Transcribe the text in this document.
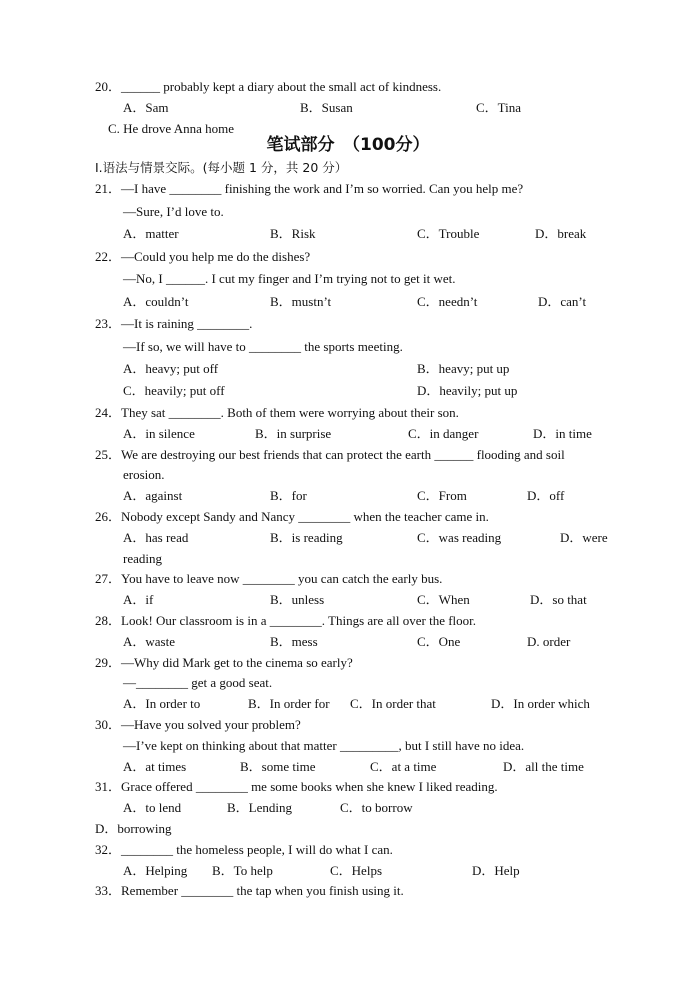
20．______ probably kept a diary about the small act of kindness.
A．Sam	B．Susan	C．Tina
C. He drove Anna home
笔试部分　（100分）
Ⅰ.语法与情景交际。(每小题 1 分，共 20 分）
21．—I have ________ finishing the work and I’m so worried. Can you help me?
—Sure, I’d love to.
A．matter	B．Risk	C．Trouble	D．break
22．—Could you help me do the dishes?
—No, I ______. I cut my finger and I’m trying not to get it wet.
A．couldn’t	B．mustn’t	C．needn’t	D．can’t
23．—It is raining ________.
—If so, we will have to ________ the sports meeting.
A．heavy; put off	B．heavy; put up
C．heavily; put off	D．heavily; put up
24．They sat ________. Both of them were worrying about their son.
A．in silence	B．in surprise	C．in danger	D．in time
25．We are destroying our best friends that can protect the earth ______ flooding and soil
erosion.
A．against	B．for	C．From	D．off
26．Nobody except Sandy and Nancy ________ when the teacher came in.
A．has read	B．is reading	C．was reading	D．were
reading
27．You have to leave now ________ you can catch the early bus.
A．if	B．unless	C．When	D．so that
28．Look! Our classroom is in a ________. Things are all over the floor.
A．waste	B．mess	C．One	D. order
29．—Why did Mark get to the cinema so early?
—________ get a good seat.
A．In order to	B．In order for C．In order that	D．In order which
30．—Have you solved your problem?
—I’ve kept on thinking about that matter _________, but I still have no idea.
A．at times	B．some time	C．at a time	D．all the time
31．Grace offered ________ me some books when she knew I liked reading.
A．to lend	B．Lending	C．to borrow
D．borrowing
32．________ the homeless people, I will do what I can.
A．Helping B．To help	C．Helps	D．Help
33．Remember ________ the tap when you finish using it.
